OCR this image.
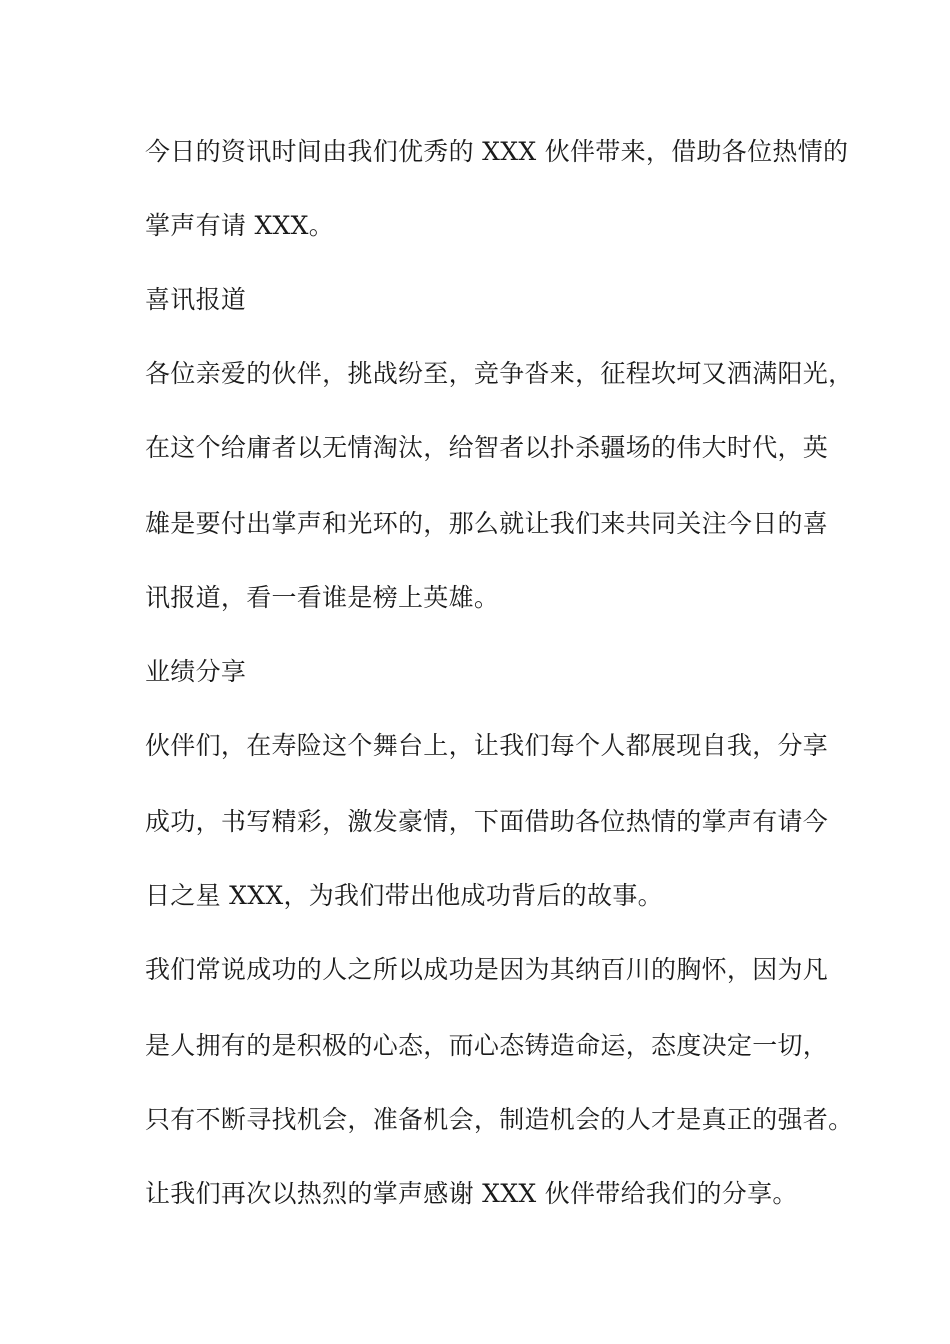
今日的资讯时间由我们优秀的 XXX 伙伴带来，借助各位热情的
掌声有请 XXX。
喜讯报道
各位亲爱的伙伴，挑战纷至，竞争沓来，征程坎坷又洒满阳光，
在这个给庸者以无情淘汰，给智者以扑杀疆场的伟大时代，英
雄是要付出掌声和光环的，那么就让我们来共同关注今日的喜
讯报道，看一看谁是榜上英雄。
业绩分享
伙伴们，在寿险这个舞台上，让我们每个人都展现自我，分享
成功，书写精彩，激发豪情，下面借助各位热情的掌声有请今
日之星 XXX，为我们带出他成功背后的故事。
我们常说成功的人之所以成功是因为其纳百川的胸怀，因为凡
是人拥有的是积极的心态，而心态铸造命运，态度决定一切，
只有不断寻找机会，准备机会，制造机会的人才是真正的强者。
让我们再次以热烈的掌声感谢 XXX 伙伴带给我们的分享。
